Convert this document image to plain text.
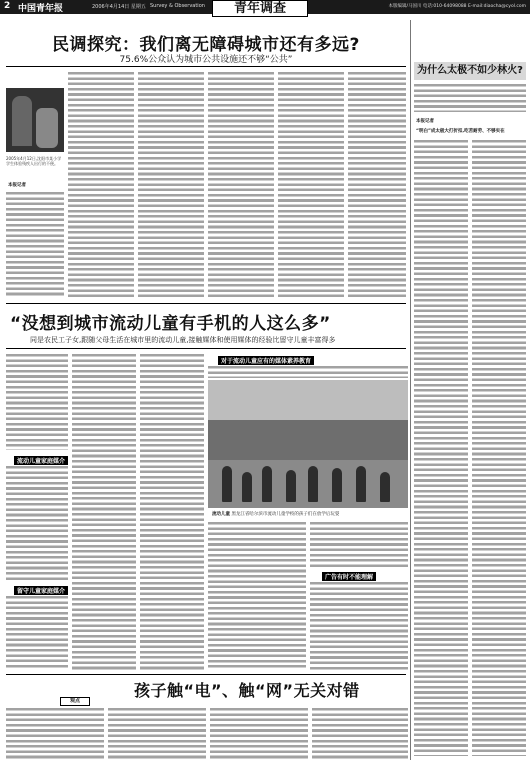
2 中国青年报	2006年4月14日 星期五 Survey & Observation	青年调查	本版编辑/马国川 电话:010-64098088 E-mail:diaocha@cyol.com
民调探究：我们离无障碍城市还有多远?
75.6%公众认为城市公共设施还不够“公共”
2005年4月12日,沈阳市某小学学生体验残疾人出行的不便。
本报记者
为什么太极不如少林火?
本报记者
“明白”成太极大打折扣,吃苦耐劳、不够实在
“没想到城市流动儿童有手机的人这么多”
同是农民工子女,跟随父母生活在城市里的流动儿童,接触媒体和使用媒体的经验比留守儿童丰富得多
流动儿童家庭媒介
留守儿童家庭媒介
对于流动儿童应有的媒体素养教育
流动儿童 黑龙江省哈尔滨市流动儿童学校的孩子们在放学后玩耍
广告有时不能理解
孩子触“电”、触“网”无关对错
观点
